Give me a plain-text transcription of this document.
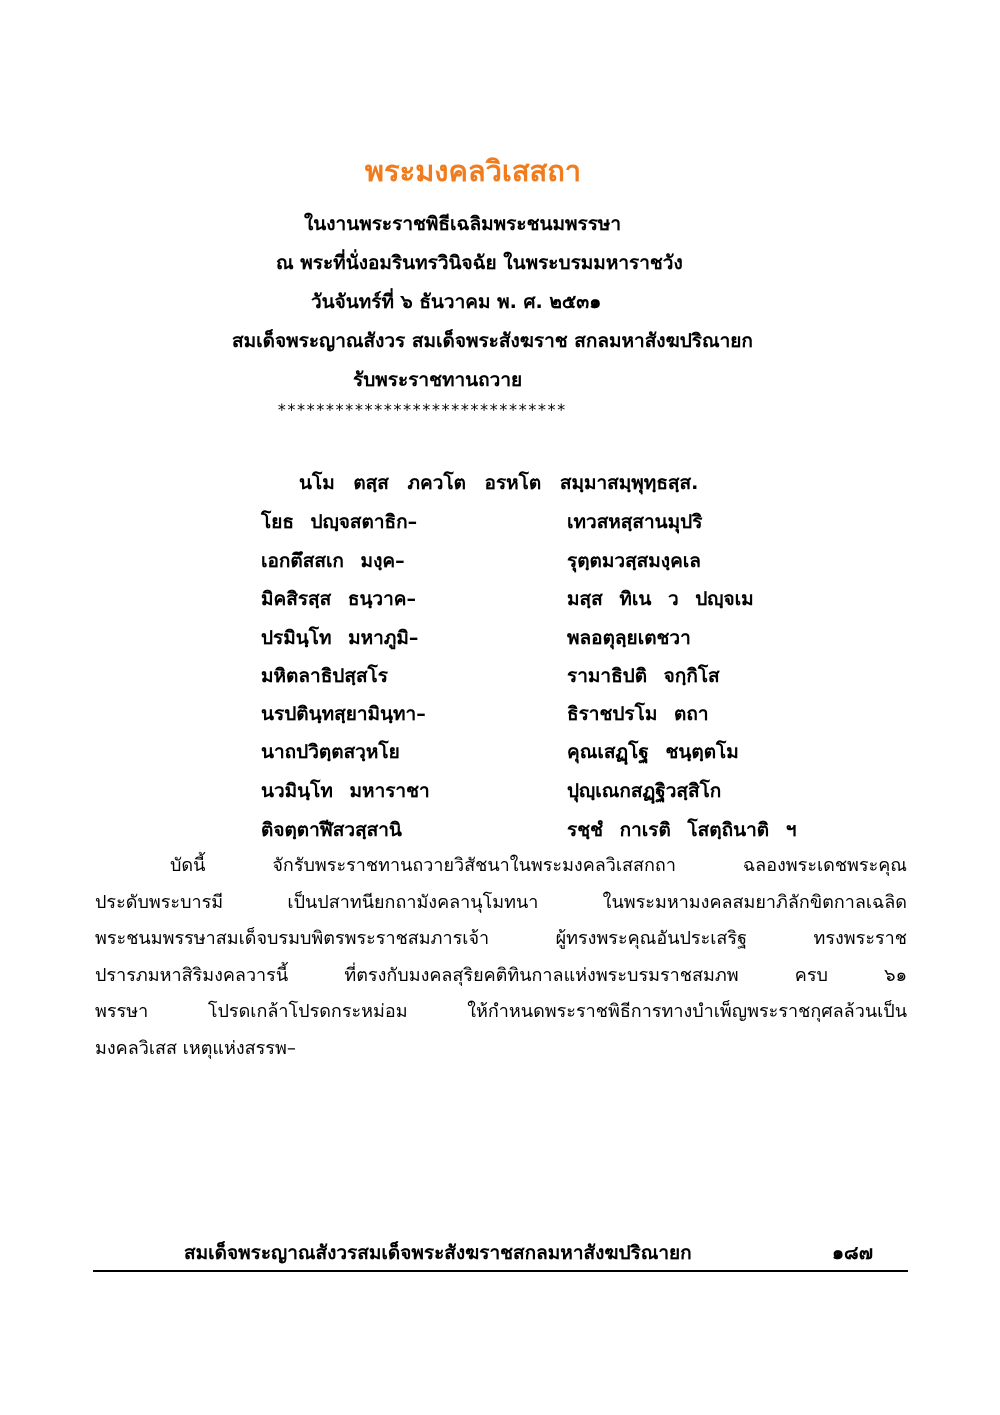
พระมงคลวิเสสถา
ในงานพระราชพิธีเฉลิมพระชนมพรรษา
ณ พระที่นั่งอมรินทรวินิจฉัย ในพระบรมมหาราชวัง
วันจันทร์ที่ ๖ ธันวาคม พ. ศ. ๒๕๓๑
สมเด็จพระญาณสังวร สมเด็จพระสังฆราช สกลมหาสังฆปริณายก
รับพระราชทานถวาย
******************************
นโม ตสฺส ภควโต อรหโต สมฺมาสมฺพุทฺธสฺส.
โยธ ปญฺจสตาธิก–	เทวสหสฺสานมุปริ
เอกตึสสเก มงฺค–	รุตฺตมวสฺสมงฺคเล
มิคสิรสฺส ธนฺวาค–	มสฺส ทิเน ว ปญฺจเม
ปรมินฺโท มหาภูมิ–	พลอตุลฺยเตชวา
มหิตลาธิปสฺสโร	รามาธิปติ จกฺกิโส
นรปตินฺทสฺยามินฺทา–	ธิราชปรโม ตถา
นาถปวิตฺตสวฺหโย	คุณเสฏฺโฐ ชนฺตฺตโม
นวมินฺโท มหาราชา	ปุญฺเณกสฏฺฐิวสฺสิโก
ติจตฺตาฬีสวสฺสานิ	รชฺชํ กาเรติ โสตฺถินาติ ฯ
บัดนี้ จักรับพระราชทานถวายวิสัชนาในพระมงคลวิเสสกถา ฉลองพระเดชพระคุณ
ประดับพระบารมี เป็นปสาทนียกถามังคลานุโมทนา ในพระมหามงคลสมยาภิลักขิตกาลเฉลิด
พระชนมพรรษาสมเด็จบรมบพิตรพระราชสมภารเจ้า ผู้ทรงพระคุณอันประเสริฐ ทรงพระราช
ปรารภมหาสิริมงคลวารนี้ ที่ตรงกับมงคลสุริยคติทินกาลแห่งพระบรมราชสมภพ ครบ ๖๑
พรรษา โปรดเกล้าโปรดกระหม่อม ให้กำหนดพระราชพิธีการทางบำเพ็ญพระราชกุศลล้วนเป็น
มงคลวิเสส เหตุแห่งสรรพ–
สมเด็จพระญาณสังวรสมเด็จพระสังฆราชสกลมหาสังฆปริณายก	๑๘๗
